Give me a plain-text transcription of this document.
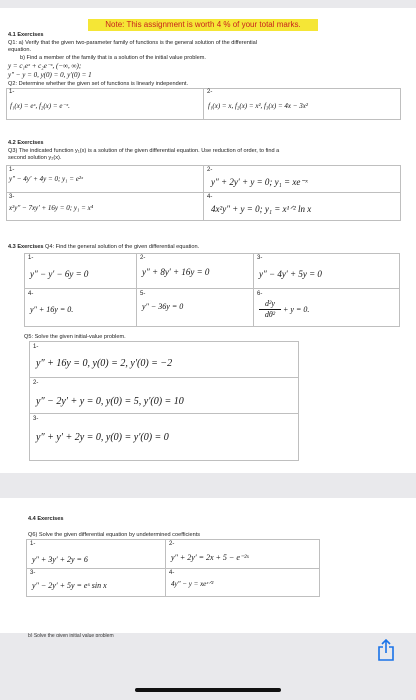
Note: This assignment is worth 4 % of your total marks.
4.1 Exercises
Q1: a) Verify that the given two-parameter family of functions is the general solution of the differential
equation.
b) Find a member of the family that is a solution of the initial value problem.
y = c₁eˣ + c₂e⁻ˣ, (−∞, ∞);
y″ − y = 0, y(0) = 0, y′(0) = 1
Q2: Determine whether the given set of functions is linearly independent.
1-
f₁(x) = eˣ, f₂(x) = e⁻ˣ.
2-
f₁(x) = x, f₂(x) = x², f₃(x) = 4x − 3x²
4.2 Exercises
Q3) The indicated function y₁(x) is a solution of the given differential equation. Use reduction of order, to find a
second solution y₂(x).
1-
y″ − 4y′ + 4y = 0; y₁ = e²ˣ
2-
y″ + 2y′ + y = 0; y₁ = xe⁻ˣ
3-
x²y″ − 7xy′ + 16y = 0; y₁ = x⁴
4-
4x²y″ + y = 0; y₁ = x¹ᐟ² ln x
4.3 Exercises Q4: Find the general solution of the given differential equation.
1-
y″ − y′ − 6y = 0
2-
y″ + 8y′ + 16y = 0
3-
y″ − 4y′ + 5y = 0
4-
y″ + 16y = 0.
5-
y″ − 36y = 0
6-
$\frac{\text{d²y}}{\text{dθ²}} + y = 0$.
Q5: Solve the given initial-value problem.
1-
y″ + 16y = 0, y(0) = 2, y′(0) = −2
2-
y″ − 2y′ + y = 0, y(0) = 5, y′(0) = 10
3-
y″ + y′ + 2y = 0, y(0) = y′(0) = 0
4.4 Exercises
Q6) Solve the given differential equation by undetermined coefficients
1-
y″ + 3y′ + 2y = 6
2-
y″ + 2y′ = 2x + 5 − e⁻²ˣ
3-
y″ − 2y′ + 5y = eˣ sin x
4-
4y″ − y = xeˣᐟ²
b) Solve the given initial value problem
